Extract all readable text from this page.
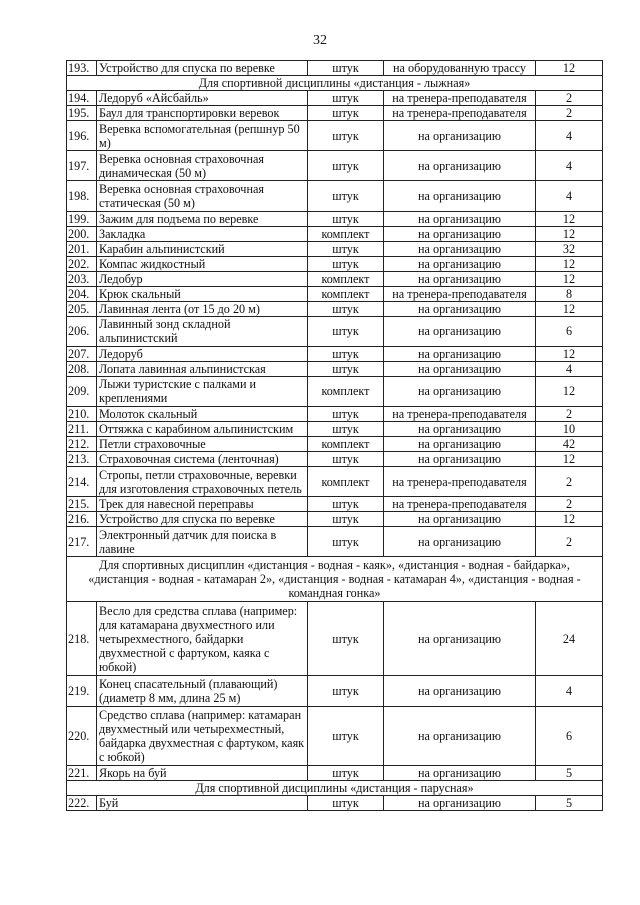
32
193.	Устройство для спуска по веревке	штук	на оборудованную трассу	12
Для спортивной дисциплины «дистанция - лыжная»				
194.	Ледоруб «Айсбайль»	штук	на тренера-преподавателя	2
195.	Баул для транспортировки веревок	штук	на тренера-преподавателя	2
196.	Веревка вспомогательная (репшнур 50 м)	штук	на организацию	4
197.	Веревка основная страховочная динамическая (50 м)	штук	на организацию	4
198.	Веревка основная страховочная статическая (50 м)	штук	на организацию	4
199.	Зажим для подъема по веревке	штук	на организацию	12
200.	Закладка	комплект	на организацию	12
201.	Карабин альпинистский	штук	на организацию	32
202.	Компас жидкостный	штук	на организацию	12
203.	Ледобур	комплект	на организацию	12
204.	Крюк скальный	комплект	на тренера-преподавателя	8
205.	Лавинная лента (от 15 до 20 м)	штук	на организацию	12
206.	Лавинный зонд складной альпинистский	штук	на организацию	6
207.	Ледоруб	штук	на организацию	12
208.	Лопата лавинная альпинистская	штук	на организацию	4
209.	Лыжи туристские с палками и креплениями	комплект	на организацию	12
210.	Молоток скальный	штук	на тренера-преподавателя	2
211.	Оттяжка с карабином альпинистским	штук	на организацию	10
212.	Петли страховочные	комплект	на организацию	42
213.	Страховочная система (ленточная)	штук	на организацию	12
214.	Стропы, петли страховочные, веревки для изготовления страховочных петель	комплект	на тренера-преподавателя	2
215.	Трек для навесной переправы	штук	на тренера-преподавателя	2
216.	Устройство для спуска по веревке	штук	на организацию	12
217.	Электронный датчик для поиска в лавине	штук	на организацию	2
Для спортивных дисциплин «дистанция - водная - каяк», «дистанция - водная - байдарка», «дистанция - водная - катамаран 2», «дистанция - водная - катамаран 4», «дистанция - водная - командная гонка»				
218.	Весло для средства сплава (например: для катамарана двухместного или четырехместного, байдарки двухместной с фартуком, каяка с юбкой)	штук	на организацию	24
219.	Конец спасательный (плавающий) (диаметр 8 мм, длина 25 м)	штук	на организацию	4
220.	Средство сплава (например: катамаран двухместный или четырехместный, байдарка двухместная с фартуком, каяк с юбкой)	штук	на организацию	6
221.	Якорь на буй	штук	на организацию	5
Для спортивной дисциплины «дистанция - парусная»				
222.	Буй	штук	на организацию	5
